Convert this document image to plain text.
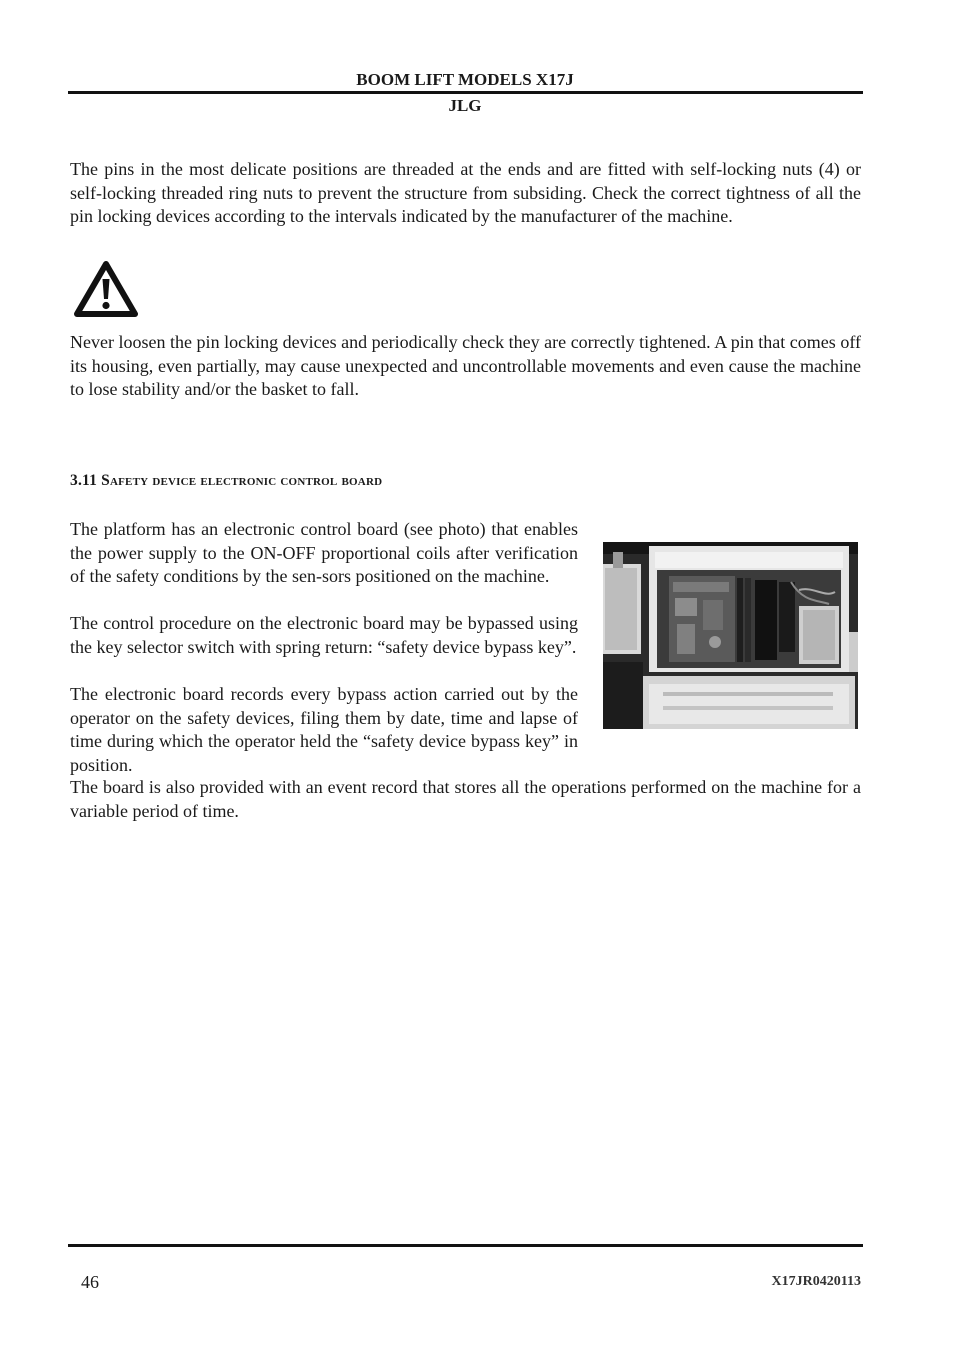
BOOM LIFT MODELS X17J
JLG

The pins in the most delicate positions are threaded at the ends and are fitted with self-locking nuts (4) or self-locking threaded ring nuts to prevent the structure from subsiding. Check the correct tightness of all the pin locking devices according to the intervals indicated by the manufacturer of the machine.

Never loosen the pin locking devices and periodically check they are correctly tightened. A pin that comes off its housing, even partially, may cause unexpected and uncontrollable movements and even cause the machine to lose stability and/or the basket to fall.

3.11 Safety device electronic control board

The platform has an electronic control board (see photo) that enables the power supply to the ON-OFF proportional coils after verification of the safety conditions by the sen-sors positioned on the machine.

The control procedure on the electronic board may be bypassed using the key selector switch with spring return: “safety device bypass key”.

The electronic board records every bypass action carried out by the operator on the safety devices, filing them by date, time and lapse of time during which the operator held the “safety device bypass key” in position.

The board is also provided with an event record that stores all the operations performed on the machine for a variable period of time.

46	X17JR0420113
